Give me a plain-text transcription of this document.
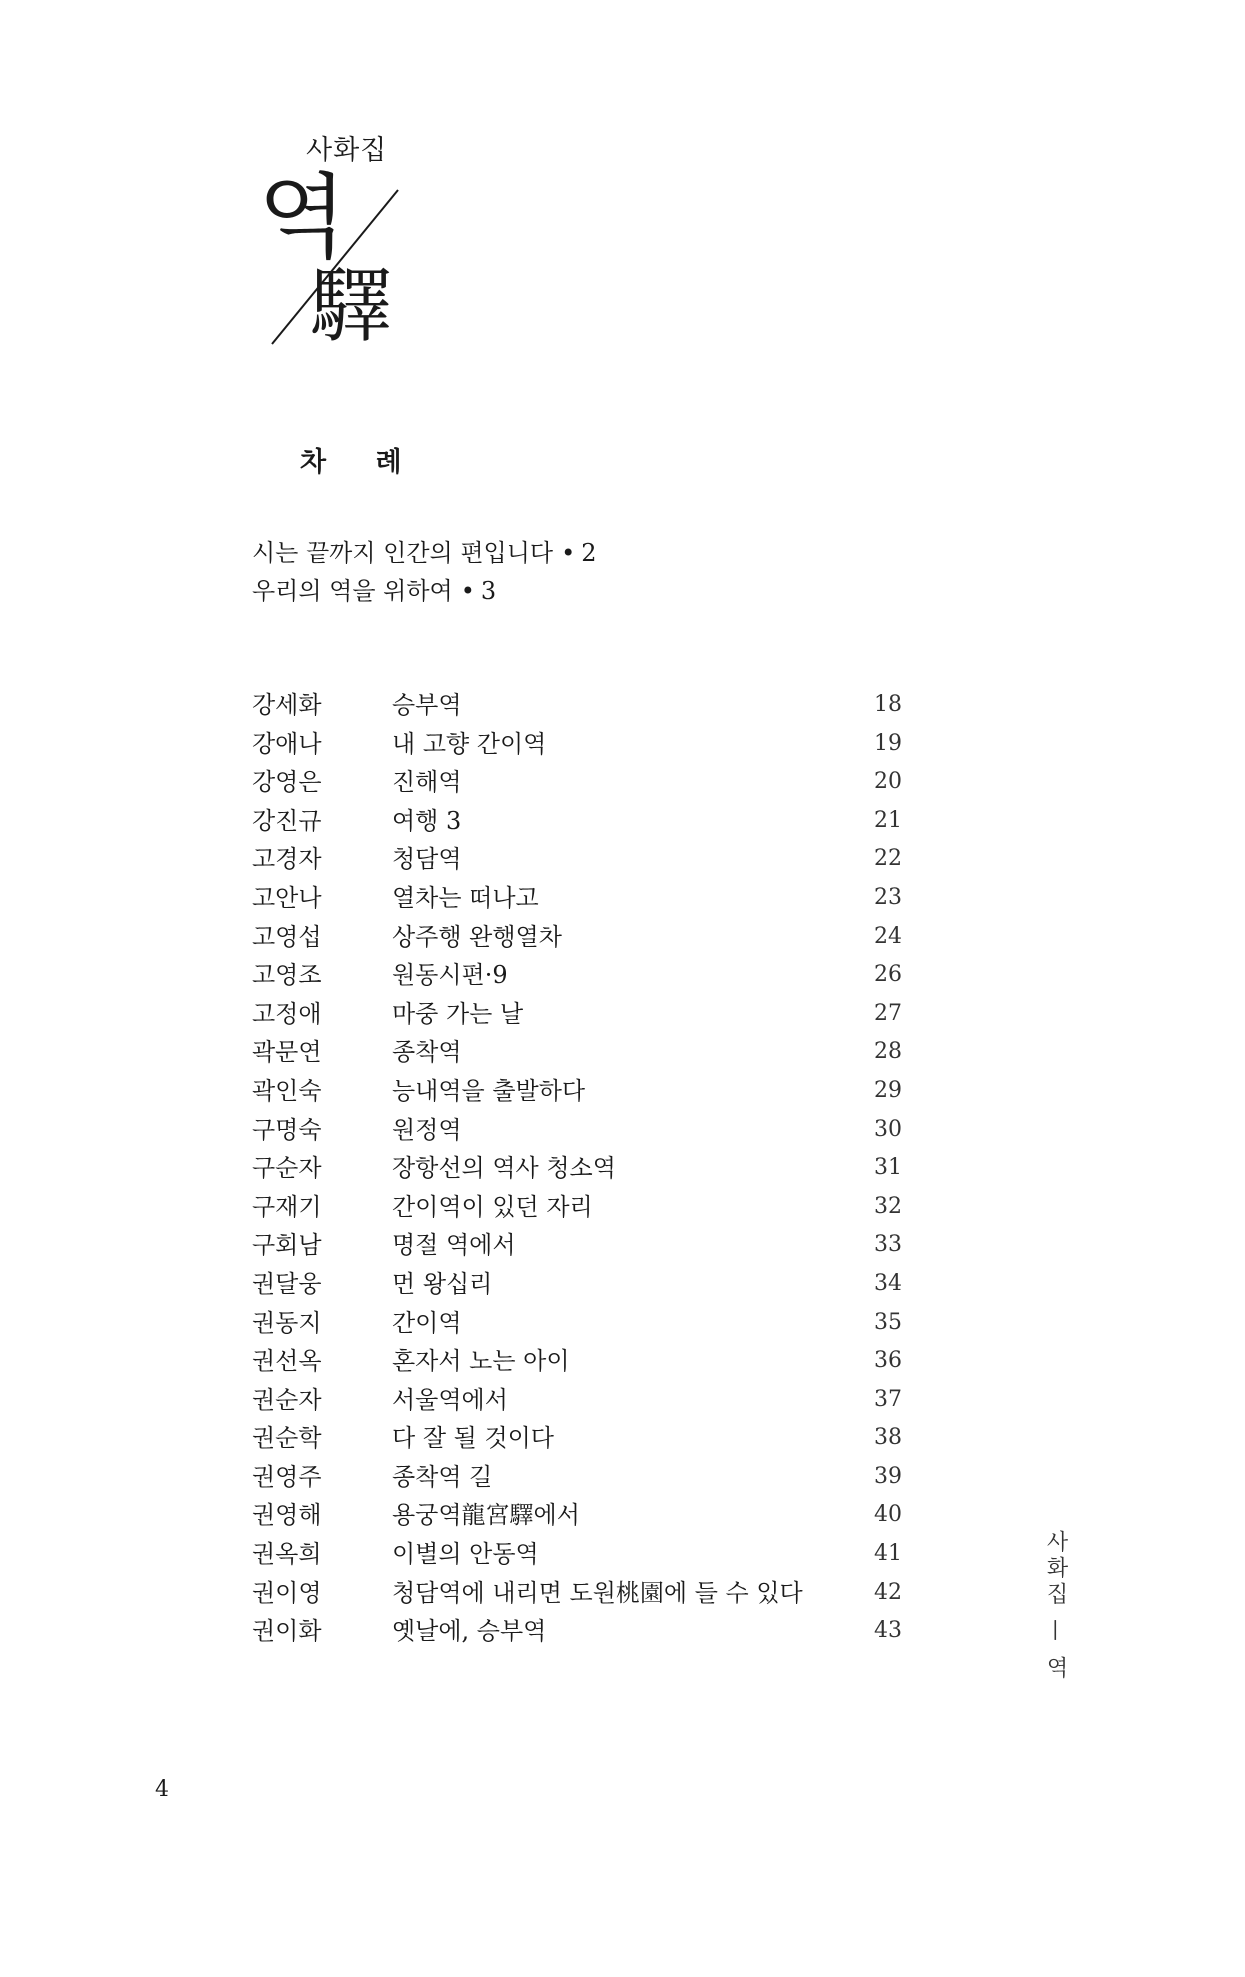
사화집
역
驛
차 례
시는 끝까지 인간의 편입니다 • 2
우리의 역을 위하여 • 3
강세화	승부역	18
강애나	내 고향 간이역	19
강영은	진해역	20
강진규	여행 3	21
고경자	청담역	22
고안나	열차는 떠나고	23
고영섭	상주행 완행열차	24
고영조	원동시편·9	26
고정애	마중 가는 날	27
곽문연	종착역	28
곽인숙	능내역을 출발하다	29
구명숙	원정역	30
구순자	장항선의 역사 청소역	31
구재기	간이역이 있던 자리	32
구회남	명절 역에서	33
권달웅	먼 왕십리	34
권동지	간이역	35
권선옥	혼자서 노는 아이	36
권순자	서울역에서	37
권순학	다 잘 될 것이다	38
권영주	종착역 길	39
권영해	용궁역龍宮驛에서	40
권옥희	이별의 안동역	41
권이영	청담역에 내리면 도원桃園에 들 수 있다	42
권이화	옛날에, 승부역	43
4
사화집 — 역
